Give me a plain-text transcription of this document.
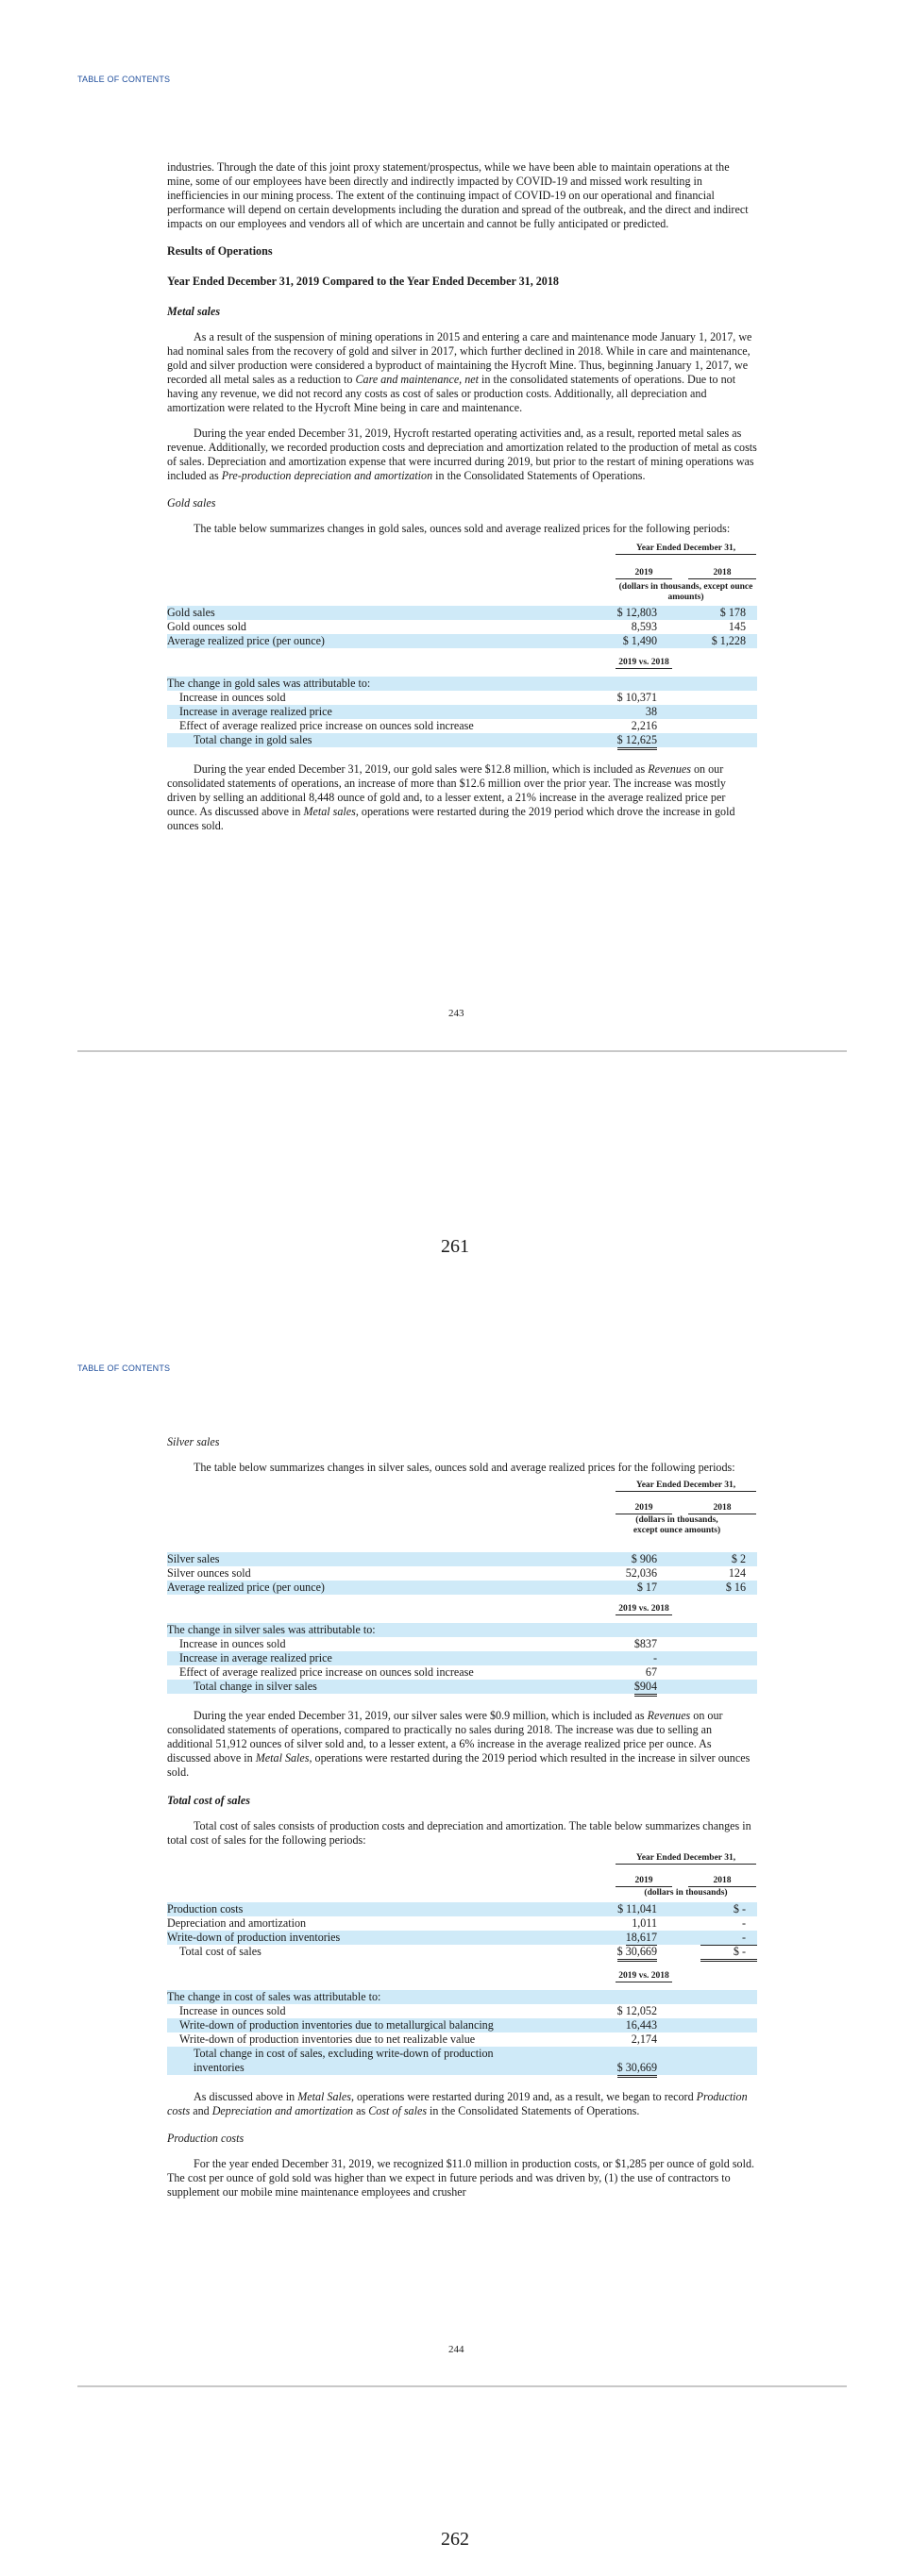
TABLE OF CONTENTS

industries. Through the date of this joint proxy statement/prospectus, while we have been able to maintain operations at the mine, some of our employees have been directly and indirectly impacted by COVID-19 and missed work resulting in inefficiencies in our mining process. The extent of the continuing impact of COVID-19 on our operational and financial performance will depend on certain developments including the duration and spread of the outbreak, and the direct and indirect impacts on our employees and vendors all of which are uncertain and cannot be fully anticipated or predicted.

Results of Operations

Year Ended December 31, 2019 Compared to the Year Ended December 31, 2018

Metal sales

As a result of the suspension of mining operations in 2015 and entering a care and maintenance mode January 1, 2017, we had nominal sales from the recovery of gold and silver in 2017, which further declined in 2018. While in care and maintenance, gold and silver production were considered a byproduct of maintaining the Hycroft Mine. Thus, beginning January 1, 2017, we recorded all metal sales as a reduction to Care and maintenance, net in the consolidated statements of operations. Due to not having any revenue, we did not record any costs as cost of sales or production costs. Additionally, all depreciation and amortization were related to the Hycroft Mine being in care and maintenance.

During the year ended December 31, 2019, Hycroft restarted operating activities and, as a result, reported metal sales as revenue. Additionally, we recorded production costs and depreciation and amortization related to the production of metal as costs of sales. Depreciation and amortization expense that were incurred during 2019, but prior to the restart of mining operations was included as Pre-production depreciation and amortization in the Consolidated Statements of Operations.

Gold sales

The table below summarizes changes in gold sales, ounces sold and average realized prices for the following periods:

Year Ended December 31,
2019	2018
(dollars in thousands, except ounce amounts)
Gold sales	$ 12,803	$ 178
Gold ounces sold	8,593	145
Average realized price (per ounce)	$ 1,490	$ 1,228
2019 vs. 2018
The change in gold sales was attributable to:
Increase in ounces sold	$ 10,371
Increase in average realized price	38
Effect of average realized price increase on ounces sold increase	2,216
Total change in gold sales	$ 12,625

During the year ended December 31, 2019, our gold sales were $12.8 million, which is included as Revenues on our consolidated statements of operations, an increase of more than $12.6 million over the prior year. The increase was mostly driven by selling an additional 8,448 ounce of gold and, to a lesser extent, a 21% increase in the average realized price per ounce. As discussed above in Metal sales, operations were restarted during the 2019 period which drove the increase in gold ounces sold.

243
261
TABLE OF CONTENTS

Silver sales

The table below summarizes changes in silver sales, ounces sold and average realized prices for the following periods:

Year Ended December 31,
2019	2018
(dollars in thousands, except ounce amounts)
Silver sales	$ 906	$ 2
Silver ounces sold	52,036	124
Average realized price (per ounce)	$ 17	$ 16
2019 vs. 2018
The change in silver sales was attributable to:
Increase in ounces sold	$837
Increase in average realized price	-
Effect of average realized price increase on ounces sold increase	67
Total change in silver sales	$904

During the year ended December 31, 2019, our silver sales were $0.9 million, which is included as Revenues on our consolidated statements of operations, compared to practically no sales during 2018. The increase was due to selling an additional 51,912 ounces of silver sold and, to a lesser extent, a 6% increase in the average realized price per ounce. As discussed above in Metal Sales, operations were restarted during the 2019 period which resulted in the increase in silver ounces sold.

Total cost of sales

Total cost of sales consists of production costs and depreciation and amortization. The table below summarizes changes in total cost of sales for the following periods:

Year Ended December 31,
2019	2018
(dollars in thousands)
Production costs	$ 11,041	$ -
Depreciation and amortization	1,011	-
Write-down of production inventories	18,617	-
Total cost of sales	$ 30,669	$ -
2019 vs. 2018
The change in cost of sales was attributable to:
Increase in ounces sold	$ 12,052
Write-down of production inventories due to metallurgical balancing	16,443
Write-down of production inventories due to net realizable value	2,174
Total change in cost of sales, excluding write-down of production inventories	$ 30,669

As discussed above in Metal Sales, operations were restarted during 2019 and, as a result, we began to record Production costs and Depreciation and amortization as Cost of sales in the Consolidated Statements of Operations.

Production costs

For the year ended December 31, 2019, we recognized $11.0 million in production costs, or $1,285 per ounce of gold sold. The cost per ounce of gold sold was higher than we expect in future periods and was driven by, (1) the use of contractors to supplement our mobile mine maintenance employees and crusher

244
262
